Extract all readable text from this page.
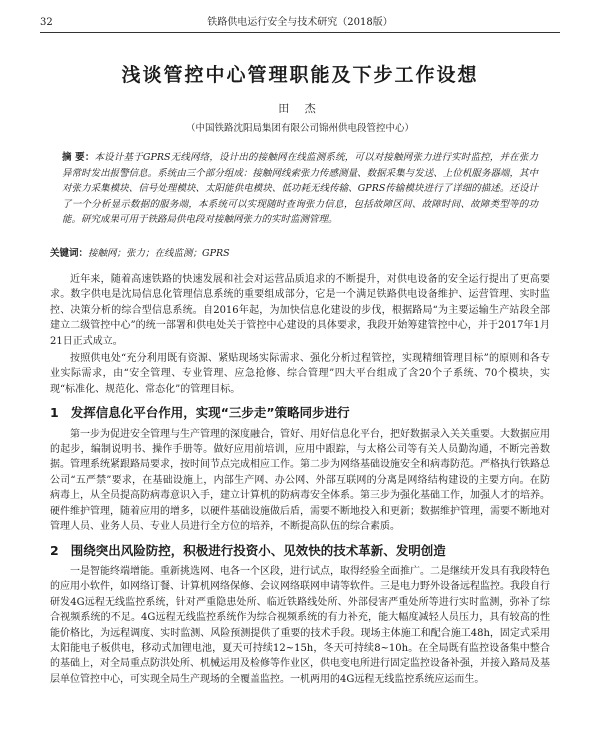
32	铁路供电运行安全与技术研究（2018版）
浅谈管控中心管理职能及下步工作设想
田 杰
（中国铁路沈阳局集团有限公司锦州供电段管控中心）
摘 要：本设计基于GPRS无线网络，设计出的接触网在线监测系统，可以对接触网张力进行实时监控，并在张力异常时发出报警信息。系统由三个部分组成：接触网线索张力传感测量、数据采集与发送、上位机服务器端，其中对张力采集模块、信号处理模块、太阳能供电模块、低功耗无线传输、GPRS传输模块进行了详细的描述。还设计了一个分析显示数据的服务端，本系统可以实现随时查询张力信息，包括故障区间、故障时间、故障类型等的功能。研究成果可用于铁路局供电段对接触网张力的实时监测管理。
关键词：接触网；张力；在线监测；GPRS

近年来，随着高速铁路的快速发展和社会对运营品质追求的不断提升，对供电设备的安全运行提出了更高要求。数字供电是沈局信息化管理信息系统的重要组成部分，它是一个满足铁路供电设备维护、运营管理、实时监控、决策分析的综合型信息系统。自2016年起，为加快信息化建设的步伐，根据路局“为主要运输生产站段全部建立二级管控中心”的统一部署和供电处关于管控中心建设的具体要求，我段开始筹建管控中心，并于2017年1月21日正式成立。

按照供电处“充分利用既有资源、紧贴现场实际需求、强化分析过程管控，实现精细管理目标”的原则和各专业实际需求，由“安全管理、专业管理、应急抢修、综合管理”四大平台组成了含20个子系统、70个模块，实现“标准化、规范化、常态化”的管理目标。

1 发挥信息化平台作用，实现“三步走”策略同步进行

第一步为促进安全管理与生产管理的深度融合，管好、用好信息化平台，把好数据录入关关重要。大数据应用的起步，编制说明书、操作手册等。做好应用前培训，应用中跟踪，与太格公司等有关人员勤沟通，不断完善数据。管理系统紧跟路局要求，按时间节点完成相应工作。第二步为网络基础设施安全和病毒防范。严格执行铁路总公司“五严禁”要求，在基础设施上，内部生产网、办公网、外部互联网的分离是网络结构建设的主要方向。在防病毒上，从全员提高防病毒意识入手，建立计算机的防病毒安全体系。第三步为强化基础工作，加强人才的培养。硬件维护管理，随着应用的增多，以硬件基础设施做后盾，需要不断地投入和更新；数据维护管理，需要不断地对管理人员、业务人员、专业人员进行全方位的培养，不断提高队伍的综合素质。

2 围绕突出风险防控，积极进行投资小、见效快的技术革新、发明创造

一是智能终端增能。重新挑选网、电各一个区段，进行试点，取得经验全面推广。二是继续开发具有我段特色的应用小软件，如网络订餐、计算机网络保修、会议网络联网申请等软件。三是电力野外设备远程监控。我段自行研发4G远程无线监控系统，针对严重隐患处所、临近铁路线处所、外部侵害严重处所等进行实时监测，弥补了综合视频系统的不足。4G远程无线监控系统作为综合视频系统的有力补充，能大幅度减轻人员压力，具有较高的性能价格比，为远程调度、实时监测、风险预测提供了重要的技术手段。现场主体施工和配合施工48h，固定式采用太阳能电子板供电，移动式加锂电池，夏天可持续12~15h，冬天可持续8~10h。在全局既有监控设备集中整合的基础上，对全局重点防洪处所、机械运用及检修等作业区，供电变电所进行固定监控设备补强，并接入路局及基层单位管控中心，可实现全局生产现场的全覆盖监控。一机两用的4G远程无线监控系统应运而生。
